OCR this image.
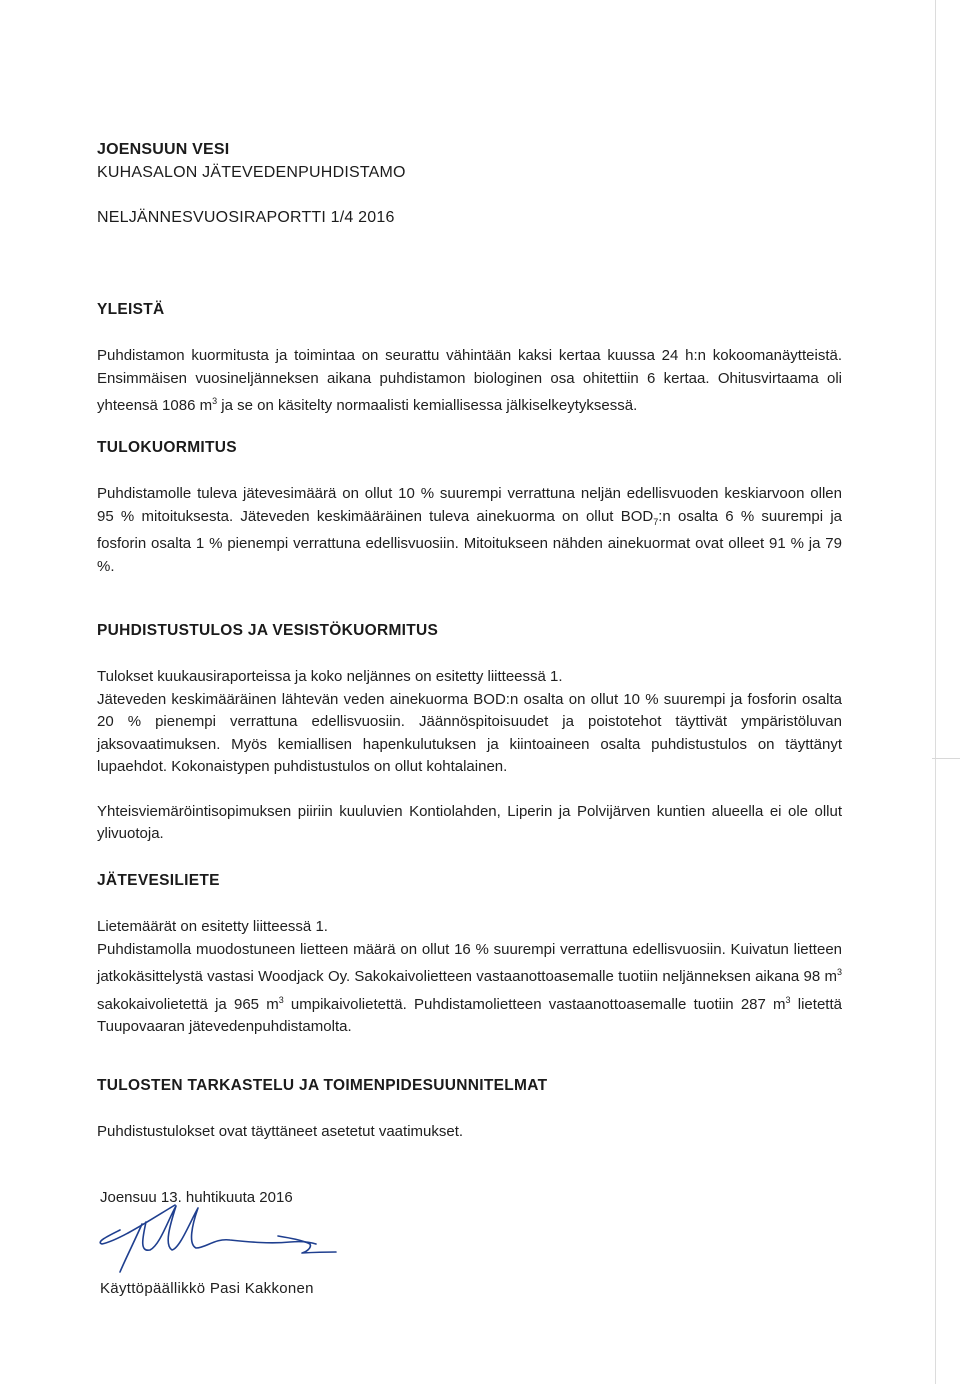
JOENSUUN VESI
KUHASALON JÄTEVEDENPUHDISTAMO
NELJÄNNESVUOSIRAPORTTI 1/4 2016
YLEISTÄ

Puhdistamon kuormitusta ja toimintaa on seurattu vähintään kaksi kertaa kuussa 24 h:n kokoomanäytteistä. Ensimmäisen vuosineljänneksen aikana puhdistamon biologinen osa ohitettiin 6 kertaa. Ohitusvirtaama oli yhteensä 1086 $m^3$ ja se on käsitelty normaalisti kemiallisessa jälkiselkeytyksessä.

TULOKUORMITUS

Puhdistamolle tuleva jätevesimäärä on ollut 10 % suurempi verrattuna neljän edellisvuoden keskiarvoon ollen 95 % mitoituksesta. Jäteveden keskimääräinen tuleva ainekuorma on ollut $BOD_7:n$ osalta 6 % suurempi ja fosforin osalta 1 % pienempi verrattuna edellisvuosiin. Mitoitukseen nähden ainekuormat ovat olleet 91 % ja 79 %.

PUHDISTUSTULOS JA VESISTÖKUORMITUS

Tulokset kuukausiraporteissa ja koko neljännes on esitetty liitteessä 1.

Jäteveden keskimääräinen lähtevän veden ainekuorma BOD:n osalta on ollut 10 % suurempi ja fosforin osalta 20 % pienempi verrattuna edellisvuosiin. Jäännöspitoisuudet ja poistotehot täyttivät ympäristöluvan jaksovaatimuksen. Myös kemiallisen hapenkulutuksen ja kiintoaineen osalta puhdistustulos on täyttänyt lupaehdot. Kokonaistypen puhdistustulos on ollut kohtalainen.

Yhteisviemäröintisopimuksen piiriin kuuluvien Kontiolahden, Liperin ja Polvijärven kuntien alueella ei ole ollut ylivuotoja.

JÄTEVESILIETE

Lietemäärät on esitetty liitteessä 1.

Puhdistamolla muodostuneen lietteen määrä on ollut 16 % suurempi verrattuna edellisvuosiin. Kuivatun lietteen jatkokäsittelystä vastasi Woodjack Oy. Sakokaivolietteen vastaanottoasemalle tuotiin neljänneksen aikana 98 $m^3$ sakokaivolietettä ja 965 $m^3$ umpikaivolietettä. Puhdistamolietteen vastaanottoasemalle tuotiin 287 $m^3$ lietettä Tuupovaaran jätevedenpuhdistamolta.

TULOSTEN TARKASTELU JA TOIMENPIDESUUNNITELMAT

Puhdistustulokset ovat täyttäneet asetetut vaatimukset.

Joensuu 13. huhtikuuta 2016
Käyttöpäällikkö Pasi Kakkonen
